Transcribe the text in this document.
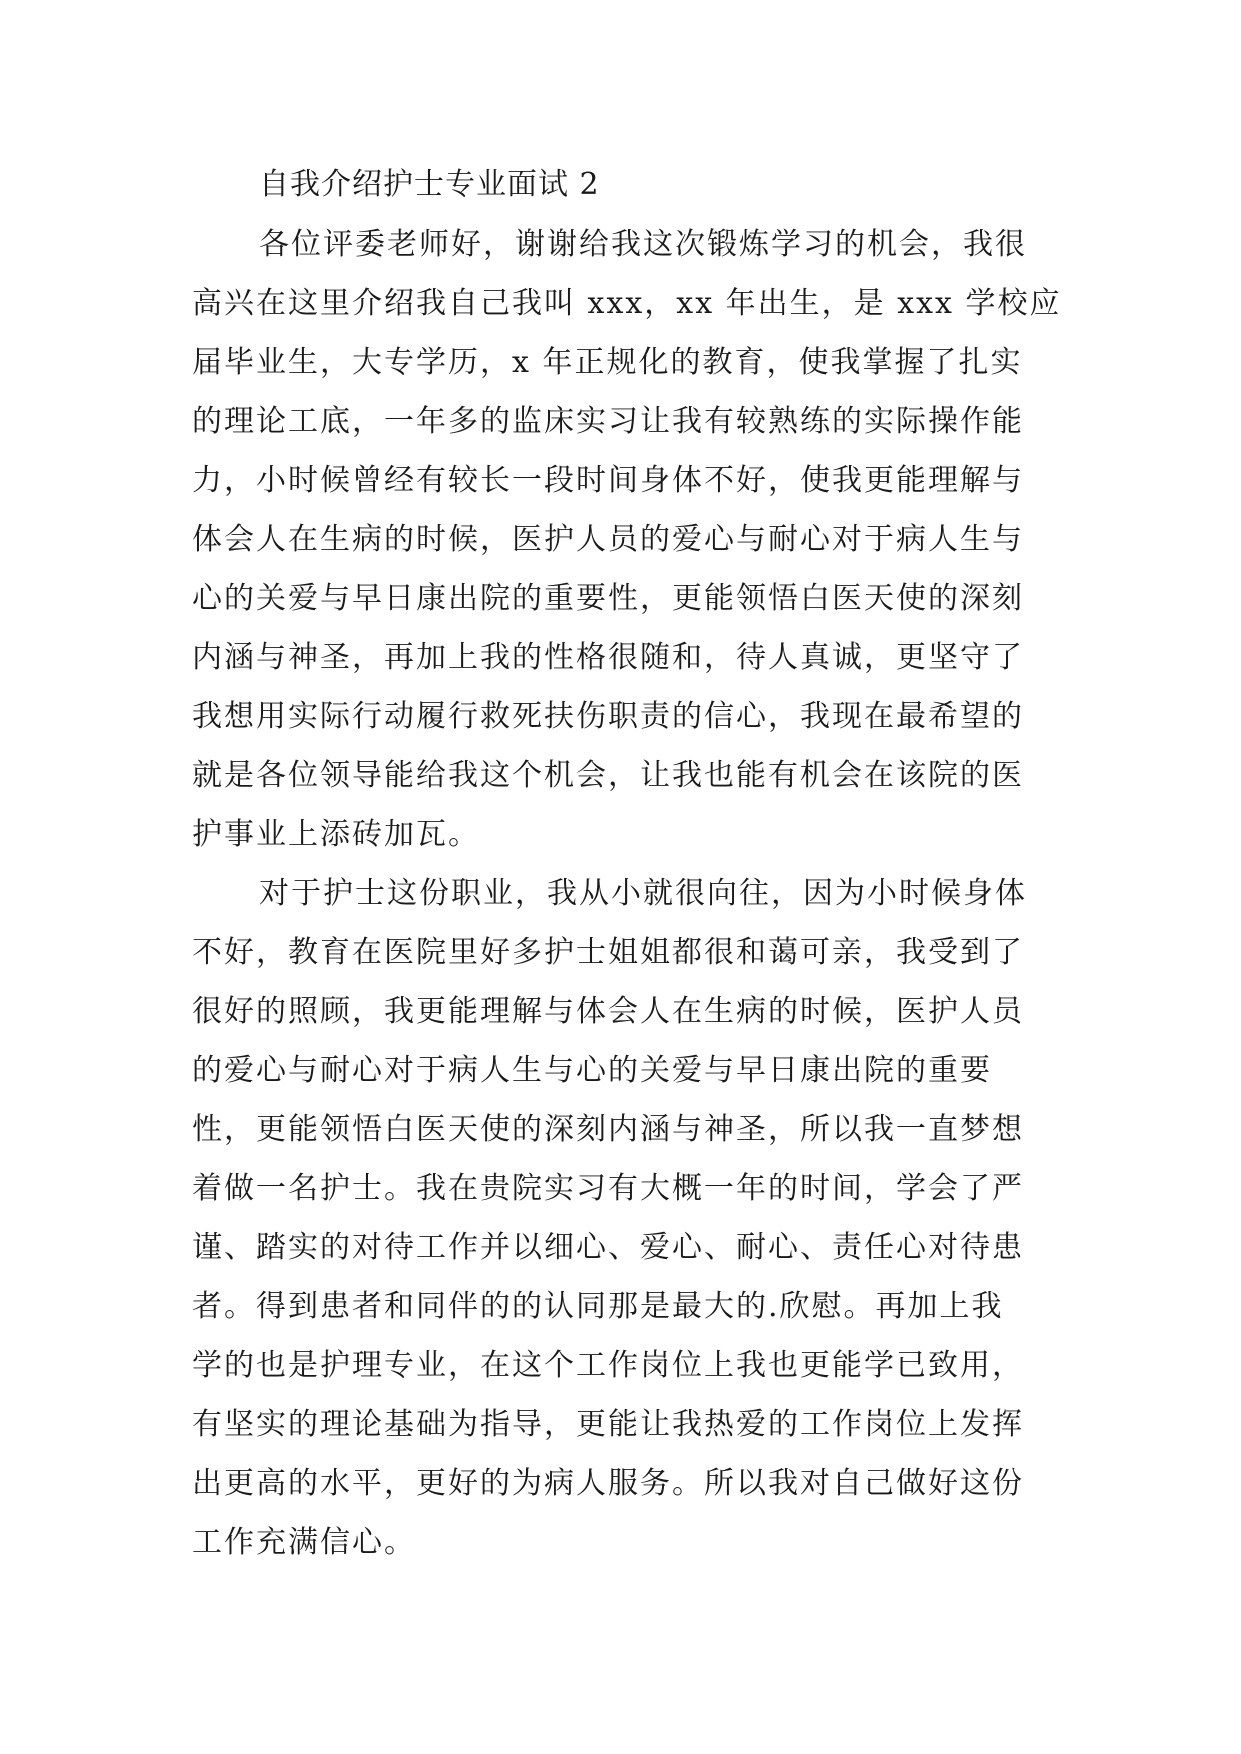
自我介绍护士专业面试 2

各位评委老师好，谢谢给我这次锻炼学习的机会，我很
高兴在这里介绍我自己我叫 xxx，xx 年出生，是 xxx 学校应
届毕业生，大专学历，x 年正规化的教育，使我掌握了扎实
的理论工底，一年多的监床实习让我有较熟练的实际操作能
力，小时候曾经有较长一段时间身体不好，使我更能理解与
体会人在生病的时候，医护人员的爱心与耐心对于病人生与
心的关爱与早日康出院的重要性，更能领悟白医天使的深刻
内涵与神圣，再加上我的性格很随和，待人真诚，更坚守了
我想用实际行动履行救死扶伤职责的信心，我现在最希望的
就是各位领导能给我这个机会，让我也能有机会在该院的医
护事业上添砖加瓦。

对于护士这份职业，我从小就很向往，因为小时候身体
不好，教育在医院里好多护士姐姐都很和蔼可亲，我受到了
很好的照顾，我更能理解与体会人在生病的时候，医护人员
的爱心与耐心对于病人生与心的关爱与早日康出院的重要
性，更能领悟白医天使的深刻内涵与神圣，所以我一直梦想
着做一名护士。我在贵院实习有大概一年的时间，学会了严
谨、踏实的对待工作并以细心、爱心、耐心、责任心对待患
者。得到患者和同伴的的认同那是最大的.欣慰。再加上我
学的也是护理专业，在这个工作岗位上我也更能学已致用，
有坚实的理论基础为指导，更能让我热爱的工作岗位上发挥
出更高的水平，更好的为病人服务。所以我对自己做好这份
工作充满信心。
